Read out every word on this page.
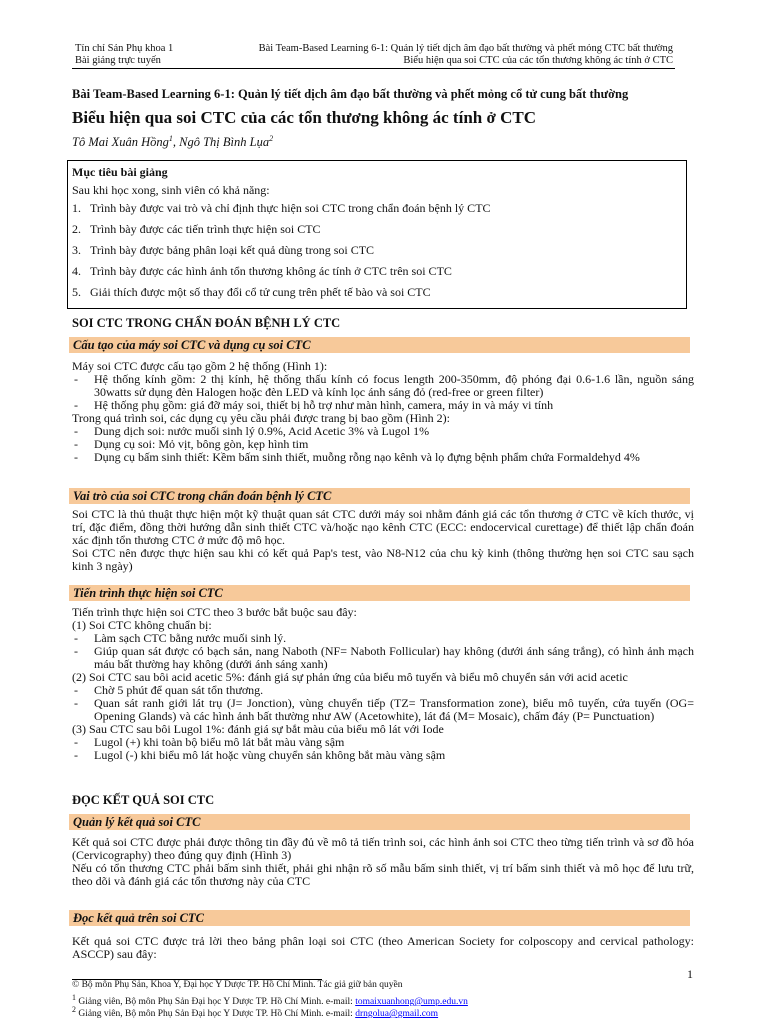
Tín chỉ Sản Phụ khoa 1
Bài giảng trực tuyến
Bài Team-Based Learning 6-1: Quản lý tiết dịch âm đạo bất thường và phết mỏng CTC bất thường
Biểu hiện qua soi CTC của các tổn thương không ác tính ở CTC
Bài Team-Based Learning 6-1: Quản lý tiết dịch âm đạo bất thường và phết mỏng cổ tử cung bất thường
Biểu hiện qua soi CTC của các tổn thương không ác tính ở CTC
Tô Mai Xuân Hồng$^1$, Ngô Thị Bình Lụa$^2$
Mục tiêu bài giảng
Sau khi học xong, sinh viên có khả năng:
1. Trình bày được vai trò và chỉ định thực hiện soi CTC trong chẩn đoán bệnh lý CTC
2. Trình bày được các tiến trình thực hiện soi CTC
3. Trình bày được bảng phân loại kết quả dùng trong soi CTC
4. Trình bày được các hình ảnh tổn thương không ác tính ở CTC trên soi CTC
5. Giải thích được một số thay đổi cổ tử cung trên phết tế bào và soi CTC
SOI CTC TRONG CHẨN ĐOÁN BỆNH LÝ CTC
Cấu tạo của máy soi CTC và dụng cụ soi CTC

Máy soi CTC được cấu tạo gồm 2 hệ thống (Hình 1):

- Hệ thống kính gồm: 2 thị kính, hệ thống thấu kính có focus length 200-350mm, độ phóng đại 0.6-1.6 lần, nguồn sáng 30watts sử dụng đèn Halogen hoặc đèn LED và kính lọc ánh sáng đỏ (red-free or green filter)

- Hệ thống phụ gồm: giá đỡ máy soi, thiết bị hỗ trợ như màn hình, camera, máy in và máy vi tính

Trong quá trình soi, các dụng cụ yêu cầu phải được trang bị bao gồm (Hình 2):

- Dung dịch soi: nước muối sinh lý 0.9%, Acid Acetic 3% và Lugol 1%

- Dụng cụ soi: Mỏ vịt, bông gòn, kẹp hình tim

- Dụng cụ bấm sinh thiết: Kềm bấm sinh thiết, muỗng rỗng nạo kênh và lọ đựng bệnh phẩm chứa Formaldehyd 4%

Vai trò của soi CTC trong chẩn đoán bệnh lý CTC

Soi CTC là thủ thuật thực hiện một kỹ thuật quan sát CTC dưới máy soi nhằm đánh giá các tổn thương ở CTC về kích thước, vị trí, đặc điểm, đồng thời hướng dẫn sinh thiết CTC và/hoặc nạo kênh CTC (ECC: endocervical curettage) để thiết lập chẩn đoán xác định tổn thương CTC ở mức độ mô học.

Soi CTC nên được thực hiện sau khi có kết quả Pap's test, vào N8-N12 của chu kỳ kinh (thông thường hẹn soi CTC sau sạch kinh 3 ngày)

Tiến trình thực hiện soi CTC

Tiến trình thực hiện soi CTC theo 3 bước bắt buộc sau đây:

(1) Soi CTC không chuẩn bị:

- Làm sạch CTC bằng nước muối sinh lý.

- Giúp quan sát được có bạch sản, nang Naboth (NF= Naboth Follicular) hay không (dưới ánh sáng trắng), có hình ảnh mạch máu bất thường hay không (dưới ánh sáng xanh)

(2) Soi CTC sau bôi acid acetic 5%: đánh giá sự phản ứng của biểu mô tuyến và biểu mô chuyển sản với acid acetic

- Chờ 5 phút để quan sát tổn thương.

- Quan sát ranh giới lát trụ (J= Jonction), vùng chuyển tiếp (TZ= Transformation zone), biểu mô tuyến, cửa tuyến (OG= Opening Glands) và các hình ảnh bất thường như AW (Acetowhite), lát đá (M= Mosaic), chấm đáy (P= Punctuation)

(3) Sau CTC sau bôi Lugol 1%: đánh giá sự bắt màu của biểu mô lát với Iode

- Lugol (+) khi toàn bộ biểu mô lát bắt màu vàng sậm

- Lugol (-) khi biểu mô lát hoặc vùng chuyển sản không bắt màu vàng sậm

ĐỌC KẾT QUẢ SOI CTC
Quản lý kết quả soi CTC

Kết quả soi CTC được phải được thông tin đầy đủ về mô tả tiến trình soi, các hình ảnh soi CTC theo từng tiến trình và sơ đồ hóa (Cervicography) theo đúng quy định (Hình 3)

Nếu có tổn thương CTC phải bấm sinh thiết, phải ghi nhận rõ số mẫu bấm sinh thiết, vị trí bấm sinh thiết và mô học để lưu trữ, theo dõi và đánh giá các tổn thương này của CTC

Đọc kết quả trên soi CTC

Kết quả soi CTC được trả lời theo bảng phân loại soi CTC (theo American Society for colposcopy and cervical pathology: ASCCP) sau đây:

1
© Bộ môn Phụ Sản, Khoa Y, Đại học Y Dược TP. Hồ Chí Minh. Tác giả giữ bản quyền
$^1$ Giảng viên, Bộ môn Phụ Sản Đại học Y Dược TP. Hồ Chí Minh. e-mail: tomaixuanhong@ump.edu.vn
$^2$ Giảng viên, Bộ môn Phụ Sản Đại học Y Dược TP. Hồ Chí Minh. e-mail: drngolua@gmail.com
